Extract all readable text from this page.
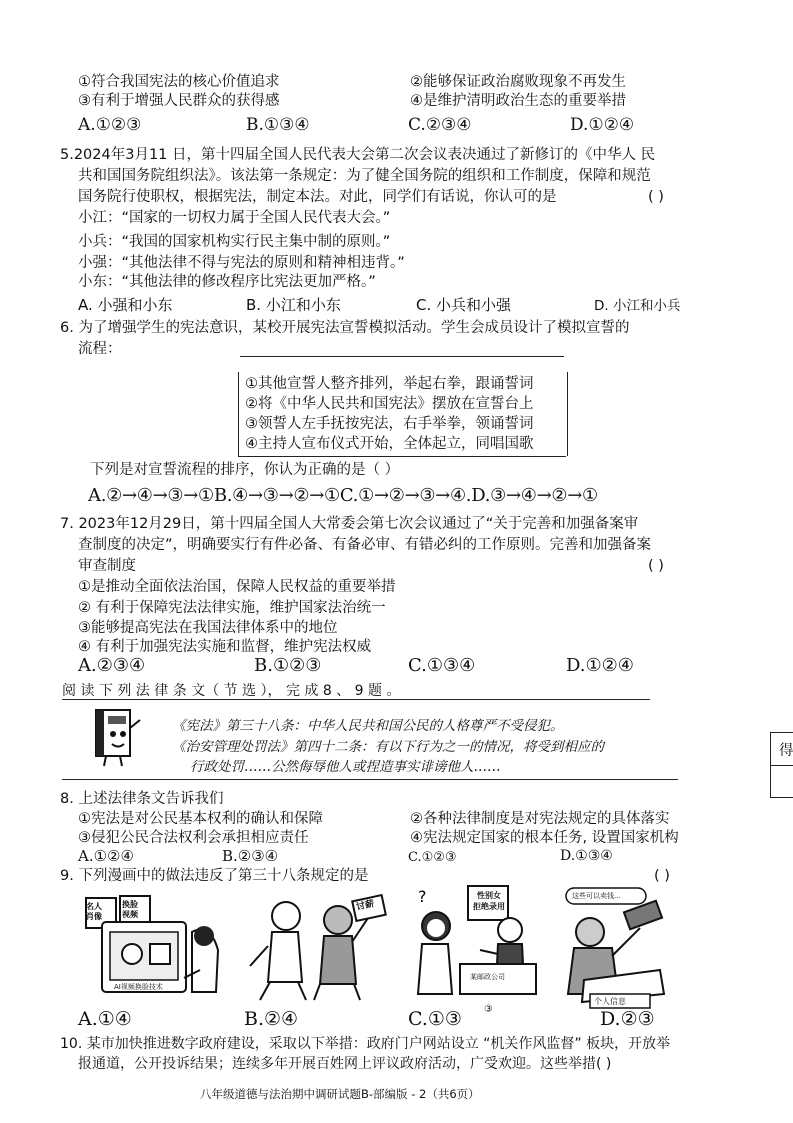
①符合我国宪法的核心价值追求	②能够保证政治腐败现象不再发生
③有利于增强人民群众的获得感	④是维护清明政治生态的重要举措
A.①②③	B.①③④	C.②③④	D.①②④
5.2024年3月11 日，第十四届全国人民代表大会第二次会议表决通过了新修订的《中华人 民
共和国国务院组织法》。该法第一条规定：为了健全国务院的组织和工作制度，保障和规范
国务院行使职权，根据宪法，制定本法。对此，同学们有话说，你认可的是	( )
小江：“国家的一切权力属于全国人民代表大会。”
小兵：“我国的国家机构实行民主集中制的原则。”
小强：“其他法律不得与宪法的原则和精神相违背。”
小东：“其他法律的修改程序比宪法更加严格。”
A. 小强和小东	B. 小江和小东	C. 小兵和小强	D. 小江和小兵
6. 为了增强学生的宪法意识，某校开展宪法宣誓模拟活动。学生会成员设计了模拟宣誓的
流程：
①其他宣誓人整齐排列，举起右拳，跟诵誓词
②将《中华人民共和国宪法》摆放在宣誓台上
③领誓人左手抚按宪法，右手举拳，领诵誓词
④主持人宣布仪式开始，全体起立，同唱国歌
下列是对宣誓流程的排序，你认为正确的是（ ）
A.②→④→③→①B.④→③→②→①C.①→②→③→④.D.③→④→②→①
7. 2023年12月29日，第十四届全国人大常委会第七次会议通过了“关于完善和加强备案审
查制度的决定”，明确要实行有件必备、有备必审、有错必纠的工作原则。完善和加强备案
审查制度	( )
①是推动全面依法治国，保障人民权益的重要举措
② 有利于保障宪法法律实施，维护国家法治统一
③能够提高宪法在我国法律体系中的地位
④ 有利于加强宪法实施和监督，维护宪法权威
A.②③④	B.①②③	C.①③④	D.①②④
阅 读 下 列 法 律 条 文（ 节 选 ）， 完 成 8 、 9 题 。
《宪法》第三十八条：中华人民共和国公民的人格尊严不受侵犯。
《治安管理处罚法》第四十二条：有以下行为之一的情况，将受到相应的
行政处罚……公然侮辱他人或捏造事实诽谤他人……
得
8. 上述法律条文告诉我们
①宪法是对公民基本权利的确认和保障	②各种法律制度是对宪法规定的具体落实
③侵犯公民合法权利会承担相应责任	④宪法规定国家的根本任务, 设置国家机构
A.①②④	B.②③④	C.①②③	D.①③④
9. 下列漫画中的做法违反了第三十八条规定的是	( )
名人 肖像
换脸 视频
AI视频换脸技术
讨薪	?	性别女 拒绝录用
某邮政公司
③
这些可以卖钱…
个人信息
A.①④	B.②④	C.①③	D.②③
10. 某市加快推进数字政府建设，采取以下举措：政府门户网站设立 “机关作风监督” 板块，开放举
报通道，公开投诉结果；连续多年开展百姓网上评议政府活动，广受欢迎。这些举措( )
八年级道德与法治期中调研试题B-部编版 - 2（共6页）
